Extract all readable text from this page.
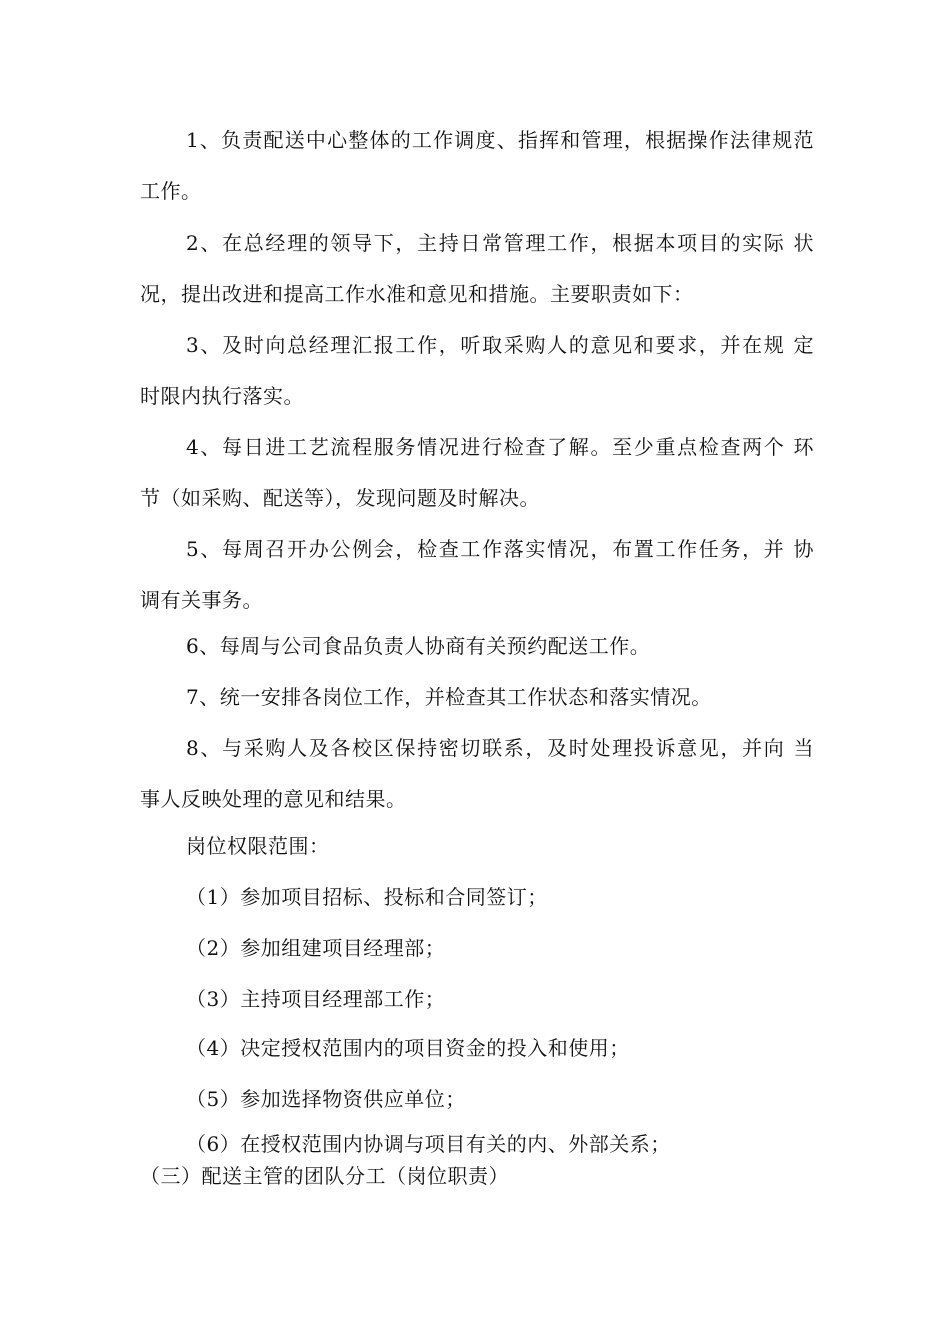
1、负责配送中心整体的工作调度、指挥和管理，根据操作法律规范
工作。
2、在总经理的领导下，主持日常管理工作，根据本项目的实际 状
况，提出改进和提高工作水准和意见和措施。主要职责如下：
3、及时向总经理汇报工作，听取采购人的意见和要求，并在规 定
时限内执行落实。
4、每日进工艺流程服务情况进行检查了解。至少重点检查两个 环
节（如采购、配送等），发现问题及时解决。
5、每周召开办公例会，检查工作落实情况，布置工作任务，并 协
调有关事务。
6、每周与公司食品负责人协商有关预约配送工作。
7、统一安排各岗位工作，并检查其工作状态和落实情况。
8、与采购人及各校区保持密切联系，及时处理投诉意见，并向 当
事人反映处理的意见和结果。
岗位权限范围：
（1）参加项目招标、投标和合同签订；
（2）参加组建项目经理部；
（3）主持项目经理部工作；
（4）决定授权范围内的项目资金的投入和使用；
（5）参加选择物资供应单位；
（6）在授权范围内协调与项目有关的内、外部关系；
（三）配送主管的团队分工（岗位职责）
